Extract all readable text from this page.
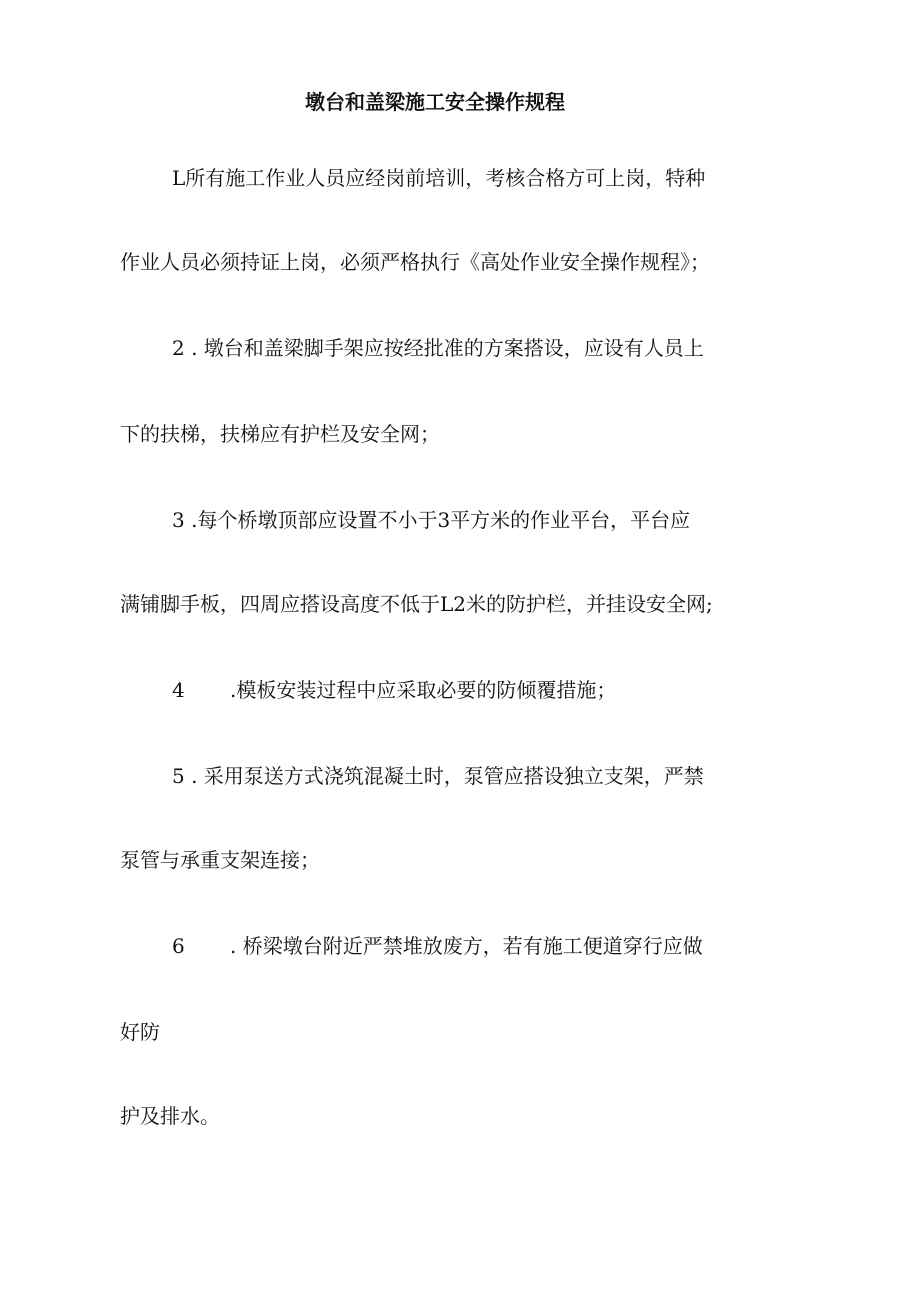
墩台和盖梁施工安全操作规程
L所有施工作业人员应经岗前培训，考核合格方可上岗，特种
作业人员必须持证上岗，必须严格执行《高处作业安全操作规程》；
2 . 墩台和盖梁脚手架应按经批准的方案搭设，应设有人员上
下的扶梯，扶梯应有护栏及安全网；
3 .每个桥墩顶部应设置不小于3平方米的作业平台，平台应
满铺脚手板，四周应搭设高度不低于L2米的防护栏，并挂设安全网;
4 .模板安装过程中应采取必要的防倾覆措施；
5 . 采用泵送方式浇筑混凝土时，泵管应搭设独立支架，严禁
泵管与承重支架连接；
6 . 桥梁墩台附近严禁堆放废方，若有施工便道穿行应做
好防
护及排水。
